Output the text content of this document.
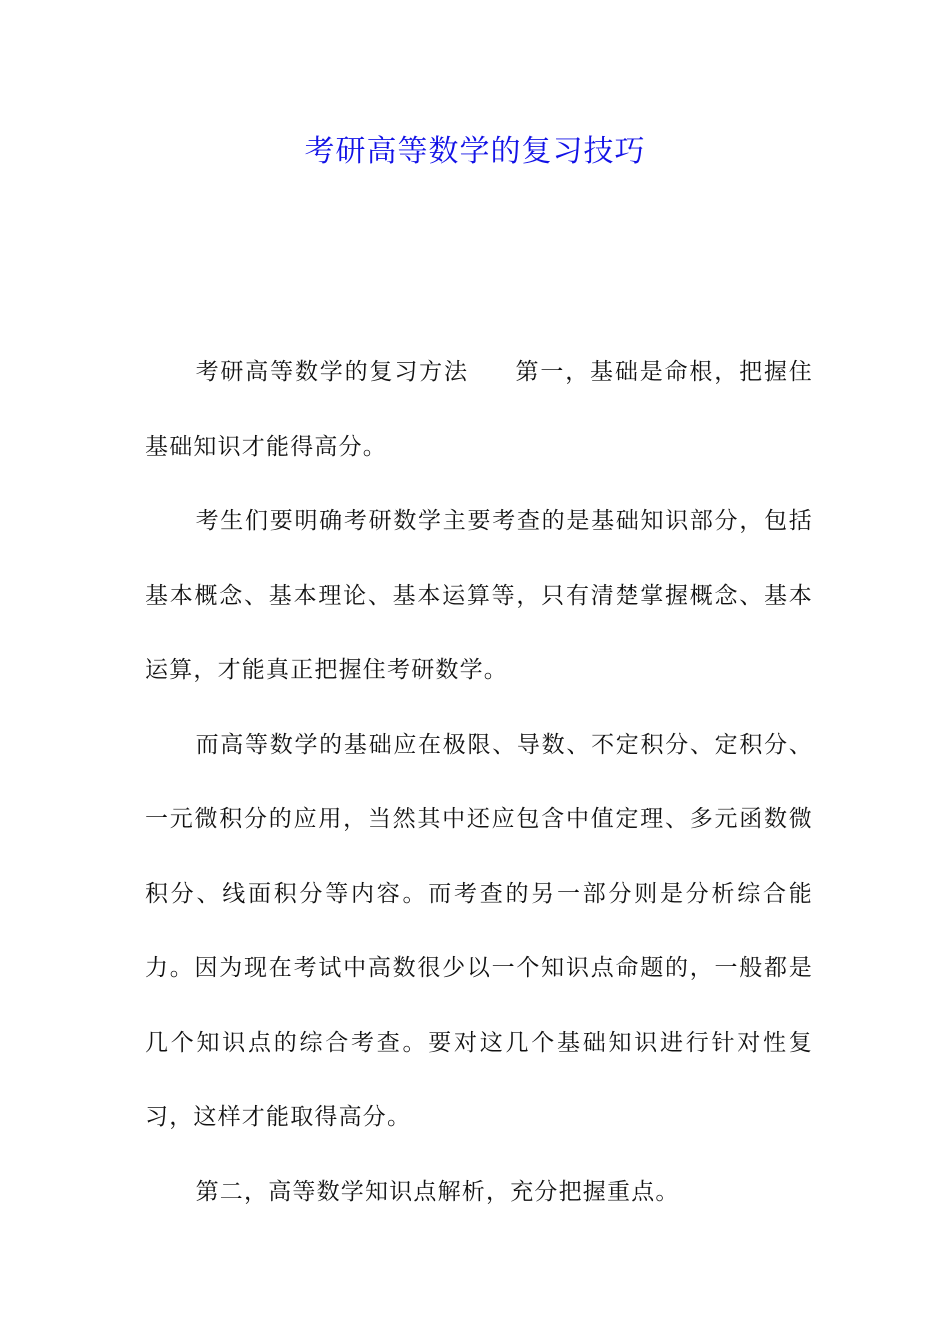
考研高等数学的复习技巧

考研高等数学的复习方法 第一，基础是命根，把握住基础知识才能得高分。

考生们要明确考研数学主要考查的是基础知识部分，包括基本概念、基本理论、基本运算等，只有清楚掌握概念、基本运算，才能真正把握住考研数学。

而高等数学的基础应在极限、导数、不定积分、定积分、一元微积分的应用，当然其中还应包含中值定理、多元函数微积分、线面积分等内容。而考查的另一部分则是分析综合能力。因为现在考试中高数很少以一个知识点命题的，一般都是几个知识点的综合考查。要对这几个基础知识进行针对性复习，这样才能取得高分。

第二，高等数学知识点解析，充分把握重点。
